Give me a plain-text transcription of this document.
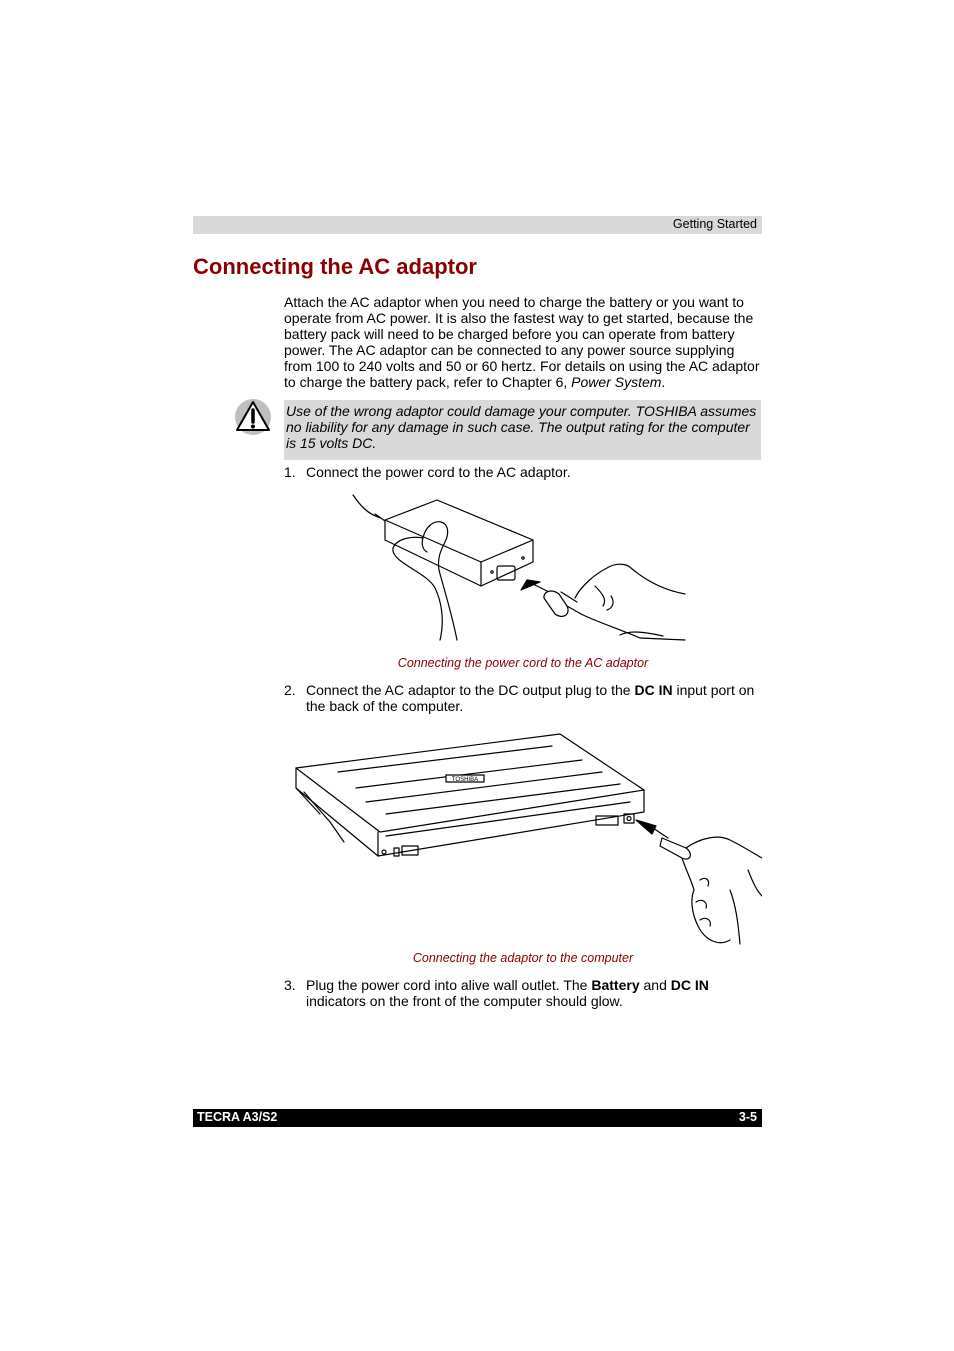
Getting Started
Connecting the AC adaptor

Attach the AC adaptor when you need to charge the battery or you want to operate from AC power. It is also the fastest way to get started, because the battery pack will need to be charged before you can operate from battery power. The AC adaptor can be connected to any power source supplying from 100 to 240 volts and 50 or 60 hertz. For details on using the AC adaptor to charge the battery pack, refer to Chapter 6, Power System.

Use of the wrong adaptor could damage your computer. TOSHIBA assumes no liability for any damage in such case. The output rating for the computer is 15 volts DC.

1. Connect the power cord to the AC adaptor.
Connecting the power cord to the AC adaptor
2. Connect the AC adaptor to the DC output plug to the DC IN input port on the back of the computer.
TOSHIBA
Connecting the adaptor to the computer
3. Plug the power cord into alive wall outlet. The Battery and DC IN indicators on the front of the computer should glow.
TECRA A3/S2	3-5
